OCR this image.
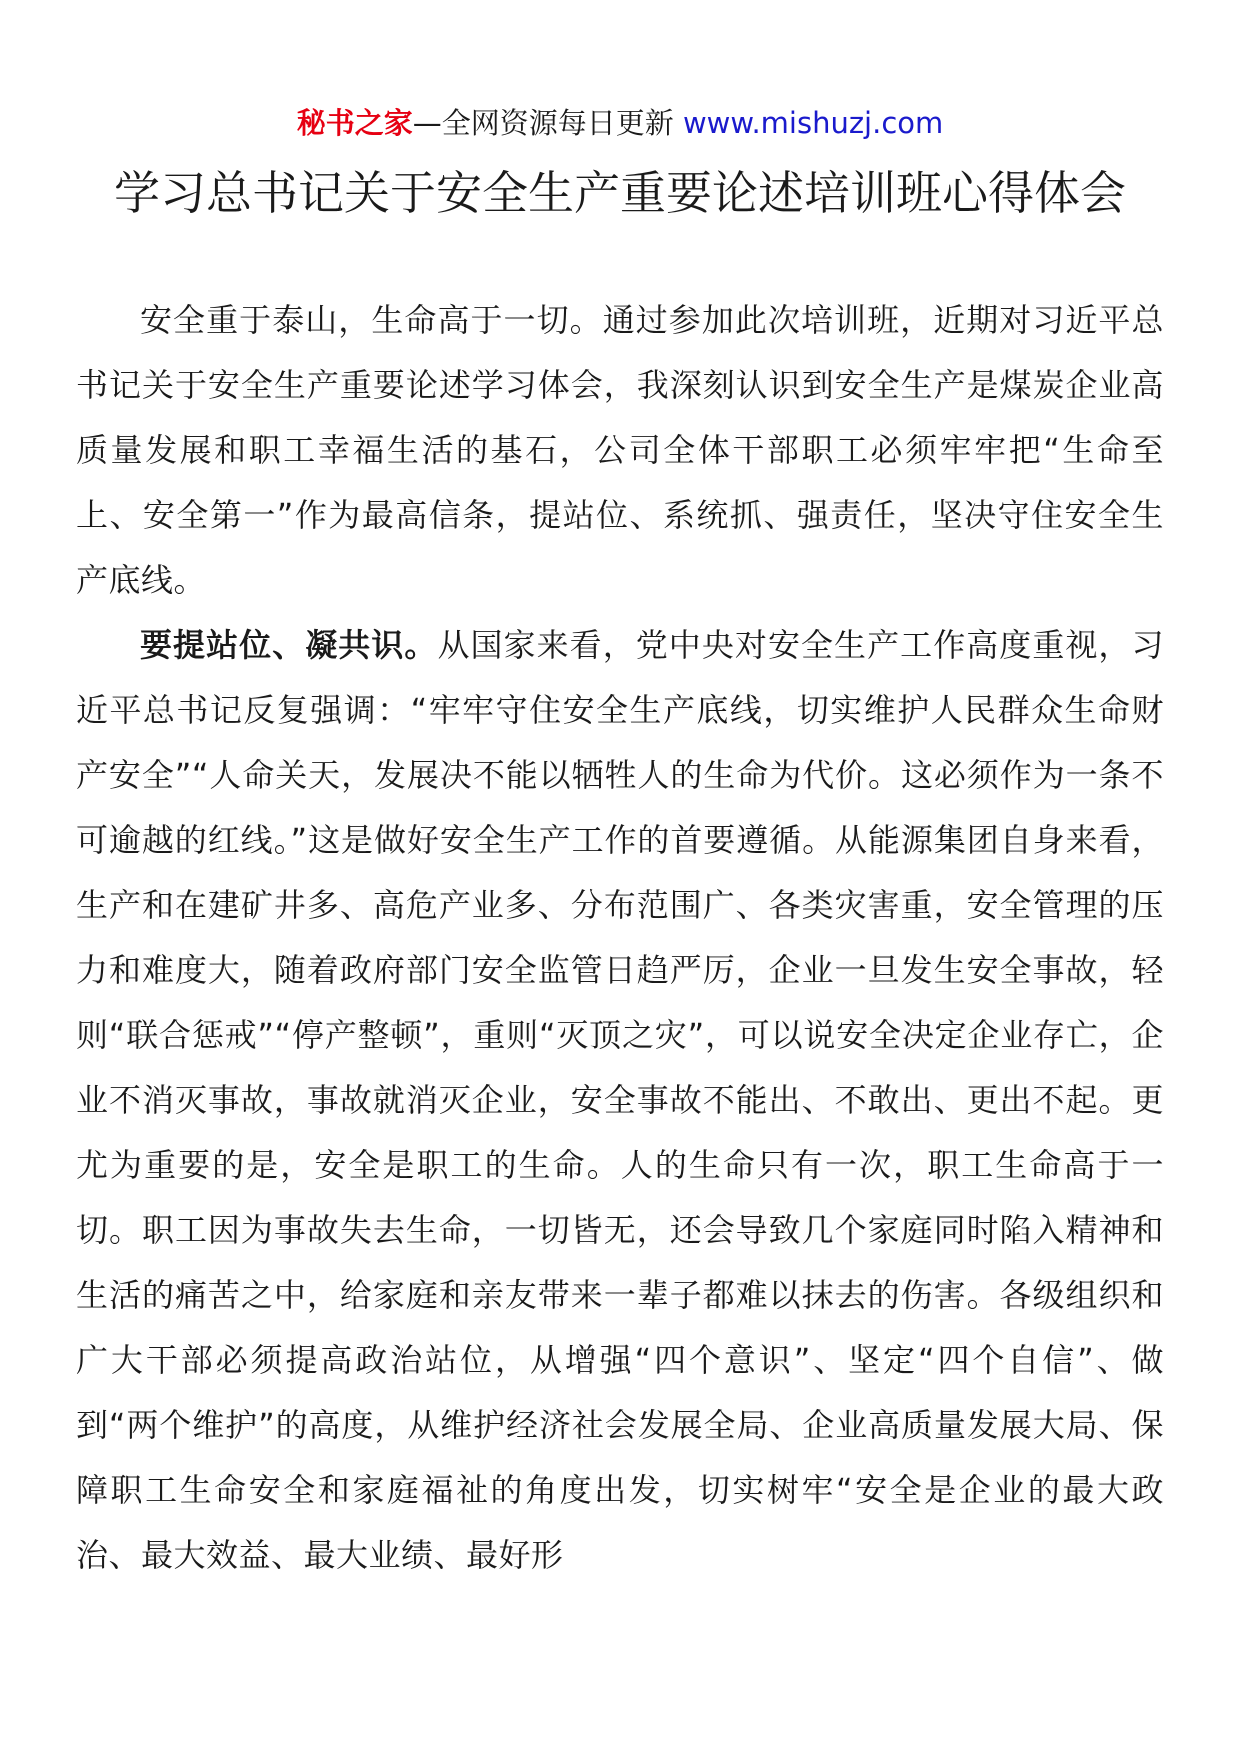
秘书之家—全网资源每日更新 www.mishuzj.com
学习总书记关于安全生产重要论述培训班心得体会

安全重于泰山，生命高于一切。通过参加此次培训班，近期对习近平总书记关于安全生产重要论述学习体会，我深刻认识到安全生产是煤炭企业高质量发展和职工幸福生活的基石，公司全体干部职工必须牢牢把“生命至上、安全第一”作为最高信条，提站位、系统抓、强责任，坚决守住安全生产底线。

要提站位、凝共识。从国家来看，党中央对安全生产工作高度重视，习近平总书记反复强调：“牢牢守住安全生产底线，切实维护人民群众生命财产安全”“人命关天，发展决不能以牺牲人的生命为代价。这必须作为一条不可逾越的红线。”这是做好安全生产工作的首要遵循。从能源集团自身来看，生产和在建矿井多、高危产业多、分布范围广、各类灾害重，安全管理的压力和难度大，随着政府部门安全监管日趋严厉，企业一旦发生安全事故，轻则“联合惩戒”“停产整顿”，重则“灭顶之灾”，可以说安全决定企业存亡，企业不消灭事故，事故就消灭企业，安全事故不能出、不敢出、更出不起。更尤为重要的是，安全是职工的生命。人的生命只有一次，职工生命高于一切。职工因为事故失去生命，一切皆无，还会导致几个家庭同时陷入精神和生活的痛苦之中，给家庭和亲友带来一辈子都难以抹去的伤害。各级组织和广大干部必须提高政治站位，从增强“四个意识”、坚定“四个自信”、做到“两个维护”的高度，从维护经济社会发展全局、企业高质量发展大局、保障职工生命安全和家庭福祉的角度出发，切实树牢“安全是企业的最大政治、最大效益、最大业绩、最好形
